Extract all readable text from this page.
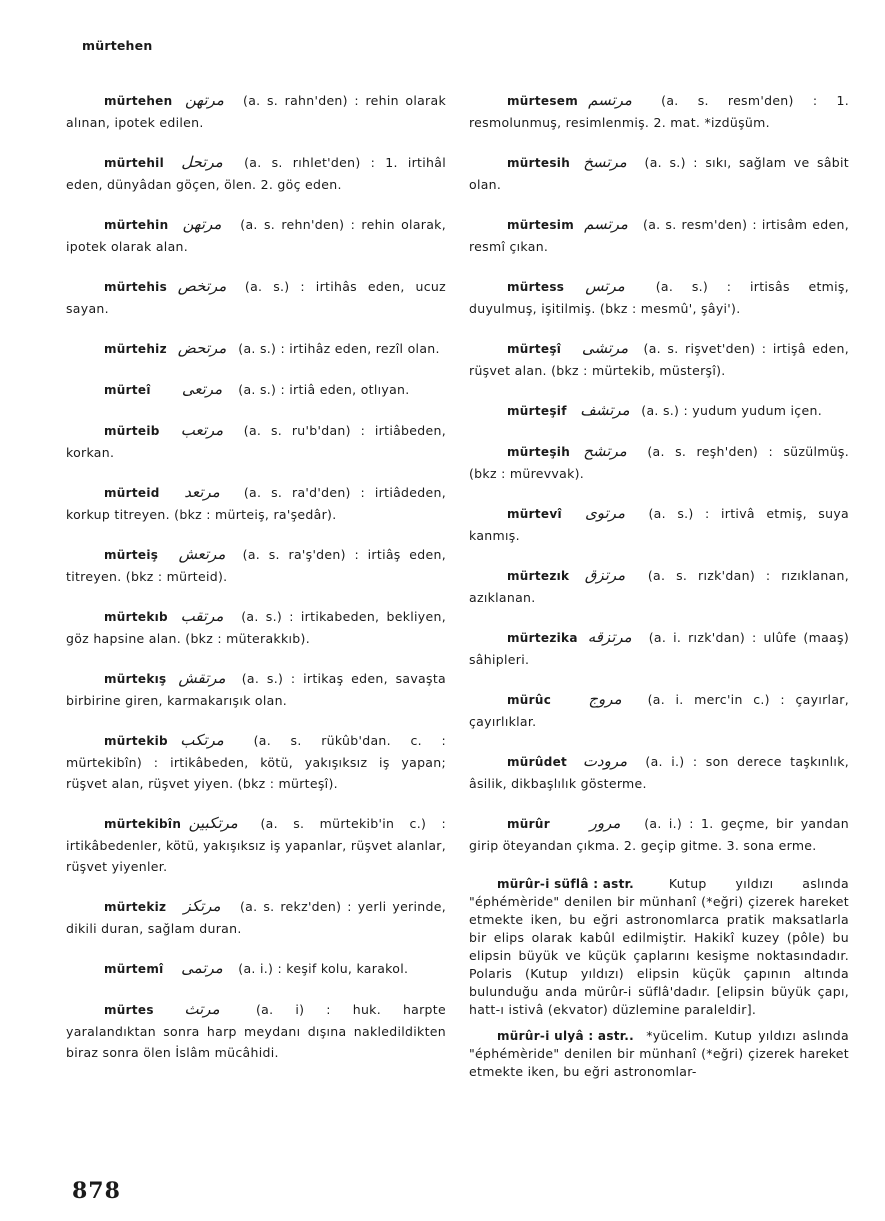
mürtehen
mürtehen مرتهن (a. s. rahn'den) : rehin olarak alınan, ipotek edilen.
mürtehil مرتحل (a. s. rıhlet'den) : 1. irtihâl eden, dünyâdan göçen, ölen. 2. göç eden.
mürtehin مرتهن (a. s. rehn'den) : rehin olarak, ipotek olarak alan.
mürtehis مرتخص (a. s.) : irtihâs eden, ucuz sayan.
mürtehiz مرتحض (a. s.) : irtihâz eden, rezîl olan.
mürteî مرتعى (a. s.) : irtiâ eden, otlıyan.
mürteib مرتعب (a. s. ru'b'dan) : irtiâbeden, korkan.
mürteid مرتعد (a. s. ra'd'den) : irtiâdeden, korkup titreyen. (bkz : mürteiş, ra'şedâr).
mürteiş مرتعش (a. s. ra'ş'den) : irtiâş eden, titreyen. (bkz : mürteid).
mürtekıb مرتقب (a. s.) : irtikabeden, bekliyen, göz hapsine alan. (bkz : müterakkıb).
mürtekış مرتقش (a. s.) : irtikaş eden, savaşta birbirine giren, karmakarışık olan.
mürtekib مرتكب (a. s. rükûb'dan. c. : mürtekibîn) : irtikâbeden, kötü, yakışıksız iş yapan; rüşvet alan, rüşvet yiyen. (bkz : mürteşî).
mürtekibîn مرتكبين (a. s. mürtekib'in c.) : irtikâbedenler, kötü, yakışıksız iş yapanlar, rüşvet alanlar, rüşvet yiyenler.
mürtekiz مرتكز (a. s. rekz'den) : yerli yerinde, dikili duran, sağlam duran.
mürtemî مرتمى (a. i.) : keşif kolu, karakol.
mürtes مرتث	(a. i) : huk. harpte yaralandıktan sonra harp meydanı dışına nakledildikten biraz sonra ölen İslâm mücâhidi.
mürtesem مرتسم (a. s. resm'den) : 1. resmolunmuş, resimlenmiş. 2. mat. *izdüşüm.
mürtesih مرتسخ (a. s.) : sıkı, sağlam ve sâbit olan.
mürtesim مرتسم (a. s. resm'den) : irtisâm eden, resmî çıkan.
mürtess مرتس (a. s.) : irtisâs etmiş, duyulmuş, işitilmiş. (bkz : mesmû', şâyi').
mürteşî مرتشى (a. s. rişvet'den) : irtişâ eden, rüşvet alan. (bkz : mürtekib, müsterşî).
mürteşif مرتشف (a. s.) : yudum yudum içen.
mürteşih مرتشح (a. s. reşh'den) : süzülmüş. (bkz : mürevvak).
mürtevî مرتوى (a. s.) : irtivâ etmiş, suya kanmış.
mürtezık مرتزق (a. s. rızk'dan) : rızıklanan, azıklanan.
mürtezika مرتزقه (a. i. rızk'dan) : ulûfe (maaş) sâhipleri.
mürûc مروج (a. i. merc'in c.) : çayırlar, çayırlıklar.
mürûdet مرودت (a. i.) : son derece taşkınlık, âsilik, dikbaşlılık gösterme.
mürûr	مرور (a. i.) : 1. geçme, bir yandan girip öteyandan çıkma. 2. geçip gitme. 3. sona erme.
mürûr-i süflâ : astr.	Kutup yıldızı aslında "éphémèride" denilen bir münhanî (*eğri) çizerek hareket etmekte iken, bu eğri astronomlarca pratik maksatlarla bir elips olarak kabûl edilmiştir. Hakikî kuzey (pôle) bu elipsin büyük ve küçük çaplarını kesişme noktasındadır. Polaris (Kutup yıldızı) elipsin küçük çapının altında bulunduğu anda mürûr-i süflâ'dadır. [elipsin büyük çapı, hatt-ı istivâ (ekvator) düzlemine paraleldir].
mürûr-i ulyâ : astr.. *yücelim. Kutup yıldızı aslında "éphémèride" denilen bir münhanî (*eğri) çizerek hareket etmekte iken, bu eğri astronomlar-
878
